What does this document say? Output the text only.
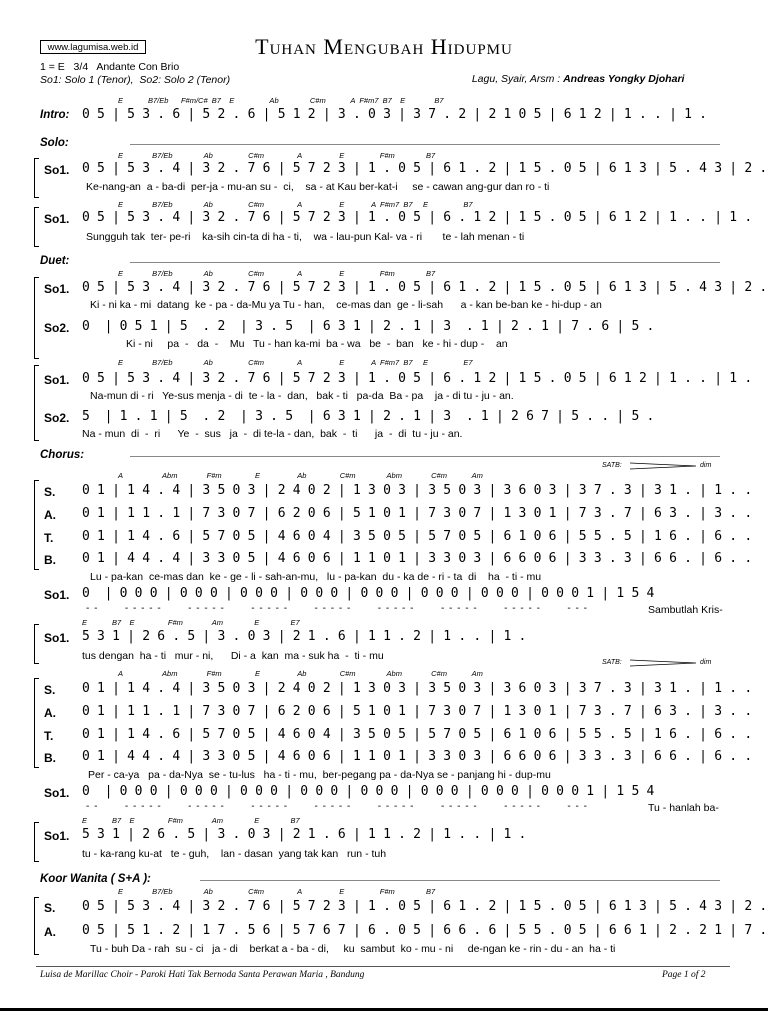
www.lagumisa.web.id	Tuhan Mengubah Hidupmu
1 = E   3/4   Andante Con Brio

Lagu, Syair, Arsm : Andreas Yongky Djohari

So1: Solo 1 (Tenor),  So2: Solo 2 (Tenor)
E            B7/Eb      F#m/C#  B7    E                 Ab               C#m            A  F#m7  B7    E              B7
Intro: 0 5 | 5 3 . 6 | 5 2 . 6 | 5 1 2 | 3 . 0 3 | 3 7 . 2 | 2 1 0 5 | 6 1 2 | 1 . . | 1 .
Solo:
E              B7/Eb               Ab                 C#m                A                  E                 F#m               B7
So1. 0 5 | 5 3 . 4 | 3 2 . 7 6 | 5 7 2 3 | 1 . 0 5 | 6 1 . 2 | 1 5 . 0 5 | 6 1 3 | 5 . 4 3 | 2 .
Ke-nang-an  a - ba-di  per-ja - mu-an su -  ci,    sa - at Kau ber-kat-i     se - cawan ang-gur dan ro - ti
E              B7/Eb               Ab                 C#m                A                  E             A  F#m7  B7     E                 B7
So1. 0 5 | 5 3 . 4 | 3 2 . 7 6 | 5 7 2 3 | 1 . 0 5 | 6 . 1 2 | 1 5 . 0 5 | 6 1 2 | 1 . . | 1 .
Sungguh tak  ter- pe-ri    ka-sih cin-ta di ha - ti,    wa - lau-pun Kal- va - ri       te - lah menan - ti
Duet:
E              B7/Eb               Ab                 C#m                A                  E                 F#m               B7
So1. 0 5 | 5 3 . 4 | 3 2 . 7 6 | 5 7 2 3 | 1 . 0 5 | 6 1 . 2 | 1 5 . 0 5 | 6 1 3 | 5 . 4 3 | 2 .
Ki - ni ka - mi  datang  ke - pa - da-Mu ya Tu - han,    ce-mas dan  ge - li-sah      a - kan be-ban ke - hi-dup - an
So2. 0  | 0 5 1 | 5  . 2  | 3 . 5  | 6 3 1 | 2 . 1 | 3  . 1 | 2 . 1 | 7 . 6 | 5 .
Ki - ni     pa  -   da  -    Mu   Tu - han ka-mi  ba - wa   be  -  ban   ke - hi - dup -    an
E              B7/Eb               Ab                 C#m                A                  E             A  F#m7  B7     E                 E7
So1. 0 5 | 5 3 . 4 | 3 2 . 7 6 | 5 7 2 3 | 1 . 0 5 | 6 . 1 2 | 1 5 . 0 5 | 6 1 2 | 1 . . | 1 .
Na-mun di - ri   Ye-sus menja - di  te - la -  dan,   bak - ti   pa-da  Ba - pa    ja - di tu - ju - an.
So2. 5  | 1 . 1 | 5  . 2  | 3 . 5  | 6 3 1 | 2 . 1 | 3  . 1 | 2 6 7 | 5 . . | 5 .
Na - mun  di  -  ri      Ye  -  sus   ja  -  di te-la - dan,  bak  -  ti      ja  -  di  tu - ju - an.
Chorus:
SATB:	dim
A                   Abm              F#m                E                  Ab                C#m               Abm              C#m            Am
S. 0 1 | 1 4 . 4 | 3 5 0 3 | 2 4 0 2 | 1 3 0 3 | 3 5 0 3 | 3 6 0 3 | 3 7 . 3 | 3 1 . | 1 . .
A. 0 1 | 1 1 . 1 | 7 3 0 7 | 6 2 0 6 | 5 1 0 1 | 7 3 0 7 | 1 3 0 1 | 7 3 . 7 | 6 3 . | 3 . .
T. 0 1 | 1 4 . 6 | 5 7 0 5 | 4 6 0 4 | 3 5 0 5 | 5 7 0 5 | 6 1 0 6 | 5 5 . 5 | 1 6 . | 6 . .
B. 0 1 | 4 4 . 4 | 3 3 0 5 | 4 6 0 6 | 1 1 0 1 | 3 3 0 3 | 6 6 0 6 | 3 3 . 3 | 6 6 . | 6 . .
Lu - pa-kan  ce-mas dan  ke - ge - li - sah-an-mu,   lu - pa-kan  du - ka de - ri - ta  di    ha  - ti - mu
So1. 0  | 0 0 0 | 0 0 0 | 0 0 0 | 0 0 0 | 0 0 0 | 0 0 0 | 0 0 0 | 0 0 0 1 | 1 5 4
- -       - - - - -       - - - - -       - - - - -       - - - - -       - - - - -       - - - - -       - - - - -       - - -	Sambutlah Kris-
E            B7    E                F#m              Am               E               E7
So1. 5 3 1 | 2 6 . 5 | 3 . 0 3 | 2 1 . 6 | 1 1 . 2 | 1 . . | 1 .
tus dengan  ha - ti   mur - ni,      Di - a  kan  ma - suk ha  -  ti - mu
SATB:	dim
A                   Abm              F#m                E                  Ab                C#m               Abm              C#m            Am
S. 0 1 | 1 4 . 4 | 3 5 0 3 | 2 4 0 2 | 1 3 0 3 | 3 5 0 3 | 3 6 0 3 | 3 7 . 3 | 3 1 . | 1 . .
A. 0 1 | 1 1 . 1 | 7 3 0 7 | 6 2 0 6 | 5 1 0 1 | 7 3 0 7 | 1 3 0 1 | 7 3 . 7 | 6 3 . | 3 . .
T. 0 1 | 1 4 . 6 | 5 7 0 5 | 4 6 0 4 | 3 5 0 5 | 5 7 0 5 | 6 1 0 6 | 5 5 . 5 | 1 6 . | 6 . .
B. 0 1 | 4 4 . 4 | 3 3 0 5 | 4 6 0 6 | 1 1 0 1 | 3 3 0 3 | 6 6 0 6 | 3 3 . 3 | 6 6 . | 6 . .
Per - ca-ya   pa - da-Nya  se - tu-lus   ha - ti - mu,  ber-pegang pa - da-Nya se - panjang hi - dup-mu
So1. 0  | 0 0 0 | 0 0 0 | 0 0 0 | 0 0 0 | 0 0 0 | 0 0 0 | 0 0 0 | 0 0 0 1 | 1 5 4
- -       - - - - -       - - - - -       - - - - -       - - - - -       - - - - -       - - - - -       - - - - -       - - -	Tu - hanlah ba-
E            B7    E                F#m              Am               E               B7
So1. 5 3 1 | 2 6 . 5 | 3 . 0 3 | 2 1 . 6 | 1 1 . 2 | 1 . . | 1 .
tu - ka-rang ku-at   te - guh,    lan - dasan  yang tak kan   run - tuh
Koor Wanita ( S+A ):
E              B7/Eb               Ab                 C#m                A                  E                 F#m               B7
S. 0 5 | 5 3 . 4 | 3 2 . 7 6 | 5 7 2 3 | 1 . 0 5 | 6 1 . 2 | 1 5 . 0 5 | 6 1 3 | 5 . 4 3 | 2 .
A. 0 5 | 5 1 . 2 | 1 7 . 5 6 | 5 7 6 7 | 6 . 0 5 | 6 6 . 6 | 5 5 . 0 5 | 6 6 1 | 2 . 2 1 | 7 .
Tu - buh Da - rah  su - ci   ja - di    berkat a - ba - di,     ku  sambut  ko - mu - ni     de-ngan ke - rin - du - an  ha - ti
Luisa de Marillac Choir - Paroki Hati Tak Bernoda Santa Perawan Maria , Bandung	Page 1 of 2
